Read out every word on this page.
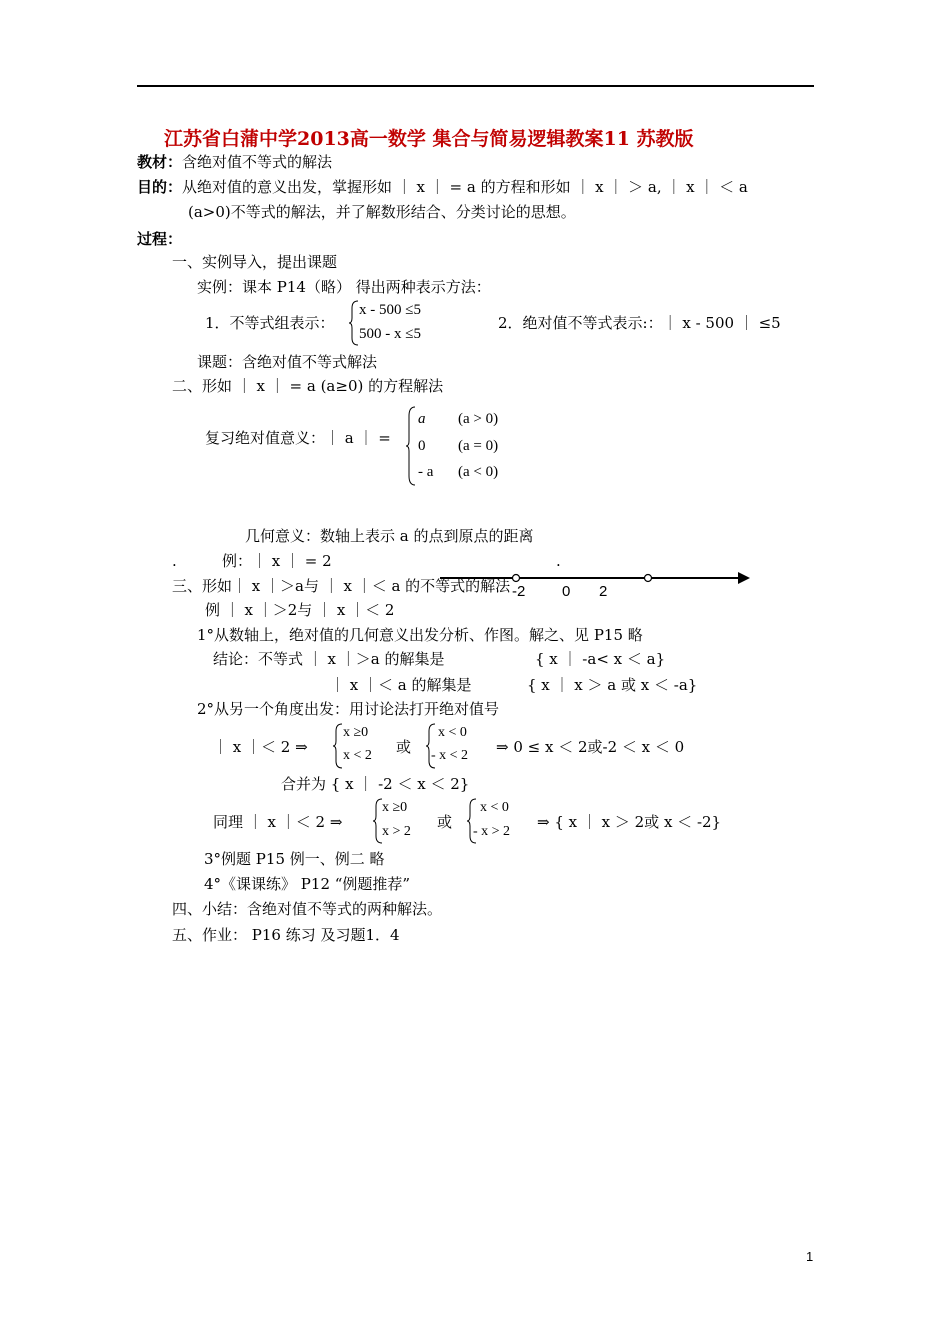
江苏省白蒲中学2013高一数学 集合与简易逻辑教案11 苏教版
教材：含绝对值不等式的解法
目的：从绝对值的意义出发，掌握形如 ｜ x ｜ = a 的方程和形如 ｜ x ｜ ＞ a, ｜ x ｜ ＜ a
(a>0)不等式的解法，并了解数形结合、分类讨论的思想。
过程：
一、实例导入，提出课题
实例：课本 P14（略） 得出两种表示方法：
1．不等式组表示：
x - 500 ≤5
500 - x ≤5
2．绝对值不等式表示:：｜ x - 500 ｜ ≤5
课题：含绝对值不等式解法
二、形如 ｜ x ｜ = a (a≥0) 的方程解法
复习绝对值意义：｜ a ｜ =
a (a > 0)
0 (a = 0)
- a (a < 0)
几何意义：数轴上表示 a 的点到原点的距离
.	例：｜ x ｜ = 2	.
三、形如｜ x ｜＞a与 ｜ x ｜＜ a 的不等式的解法 -2 0 2
例 ｜ x ｜＞2与 ｜ x ｜＜ 2
1°从数轴上，绝对值的几何意义出发分析、作图。解之、见 P15 略
结论：不等式 ｜ x ｜＞a 的解集是	{ x ｜ -a< x ＜ a}
｜ x ｜＜ a 的解集是	{ x ｜ x ＞ a 或 x ＜ -a}
2°从另一个角度出发：用讨论法打开绝对值号
｜ x ｜＜ 2 ⇒
x ≥0
x < 2 或
x < 0
- x < 2 ⇒ 0 ≤ x ＜ 2或-2 ＜ x ＜ 0
合并为 { x ｜ -2 ＜ x ＜ 2}
同理 ｜ x ｜＜ 2 ⇒
x ≥0
x > 2
或
x < 0
- x > 2
⇒ { x ｜ x ＞ 2或 x ＜ -2}
3°例题 P15 例一、例二 略
4°《课课练》 P12 “例题推荐”
四、小结：含绝对值不等式的两种解法。
五、作业： P16 练习 及习题1．4
1
